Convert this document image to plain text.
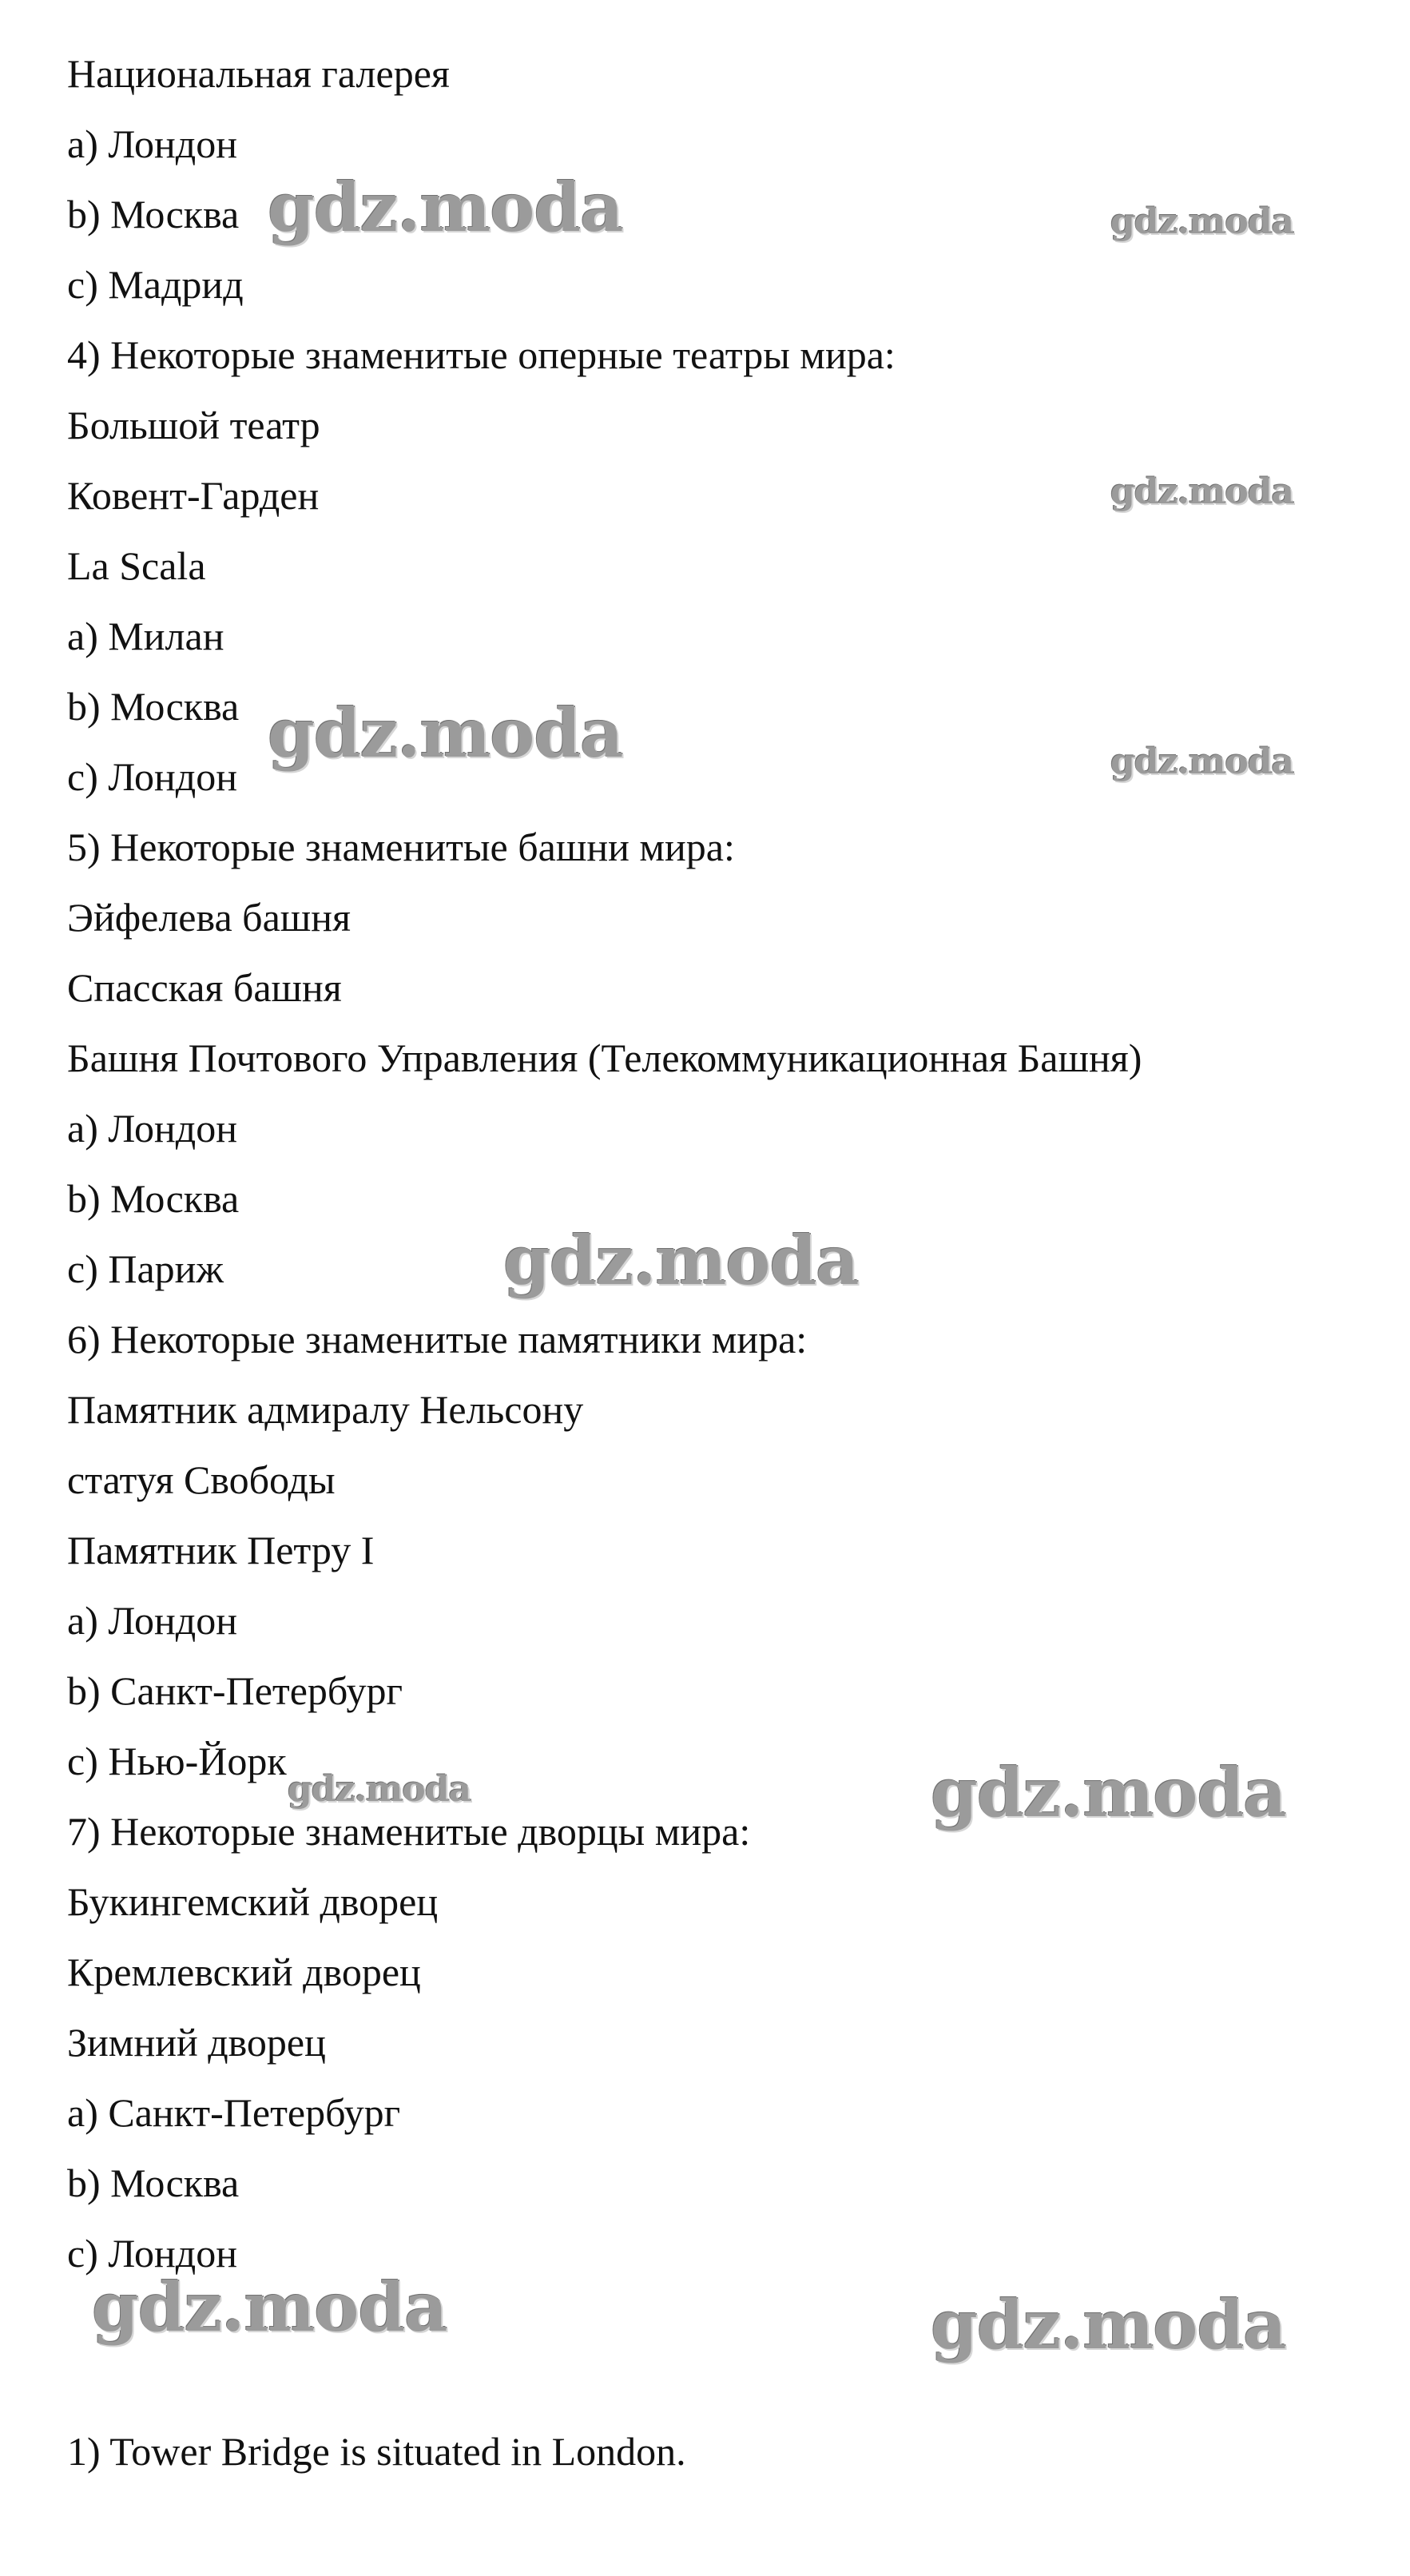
Национальная галерея
а) Лондон
b) Москва
с) Мадрид
4) Некоторые знаменитые оперные театры мира:
Большой театр
Ковент-Гарден
La Scala
а) Милан
b) Москва
с) Лондон
5) Некоторые знаменитые башни мира:
Эйфелева башня
Спасская башня
Башня Почтового Управления (Телекоммуникационная Башня)
а) Лондон
b) Москва
с) Париж
6) Некоторые знаменитые памятники мира:
Памятник адмиралу Нельсону
статуя Свободы
Памятник Петру I
а) Лондон
b) Санкт-Петербург
с) Нью-Йорк
7) Некоторые знаменитые дворцы мира:
Букингемский дворец
Кремлевский дворец
Зимний дворец
а) Санкт-Петербург
b) Москва
с) Лондон
1) Tower Bridge is situated in London.
gdz.moda	gdz.moda
gdz.moda
gdz.moda	gdz.moda
gdz.moda
gdz.moda	gdz.moda
gdz.moda	gdz.moda
